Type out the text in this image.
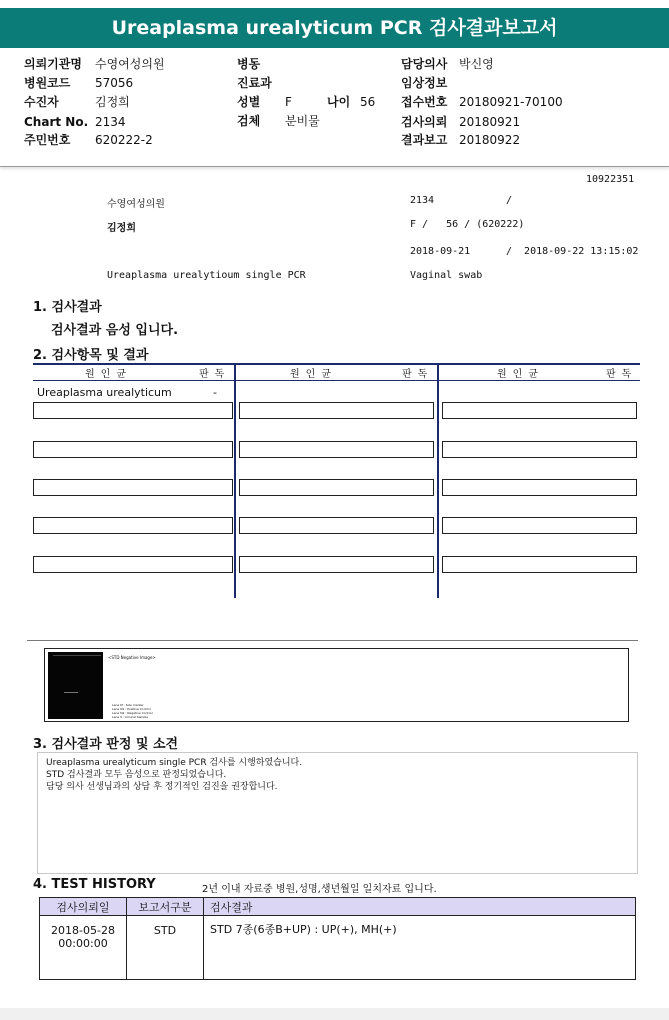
Ureaplasma urealyticum PCR 검사결과보고서
의뢰기관명 수영여성의원
병원코드 57056
수진자	김정희
Chart No. 2134
주민번호 620222-2
병동
진료과
성별 F	나이 56
검체 분비물
담당의사 박신영
임상정보
접수번호 20180921-70100
검사의뢰 20180921
결과보고 20180922
10922351
수영여성의원	2134	/
김정희	F /   56 / (620222)
2018-09-21	/  2018-09-22 13:15:02
Ureaplasma urealytioum single PCR	Vaginal swab
1. 검사결과
검사결과 음성 입니다.
2. 검사항목 및 결과
원인균	판독	원인균	판독	원인균	판독
Ureaplasma urealyticum	-
<STD Negative Image>
Lane M : Size marker
Lane N1 : Positive Control
Lane N2 : Negative Control
Lane S : Clinical Sample
3. 검사결과 판정 및 소견
Ureaplasma urealyticum single PCR 검사를 시행하였습니다.
STD 검사결과 모두 음성으로 판정되었습니다.
담당 의사 선생님과의 상담 후 정기적인 검진을 권장합니다.
4. TEST HISTORY	2년 이내 자료중 병원,성명,생년월일 일치자료 입니다.
검사의뢰일	보고서구분	검사결과

2018-05-28
00:00:00	STD	STD 7종(6종B+UP) : UP(+), MH(+)
